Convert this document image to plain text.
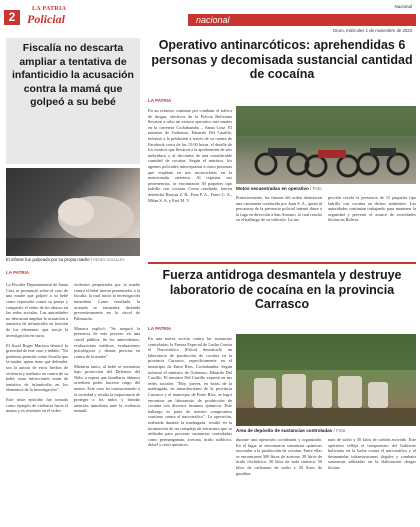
2
LA PATRIA
Policial	nacional
Nacional
Oruro, miércoles 1 de noviembre de 2023
Fiscalía no descarta ampliar a tentativa de infanticidio la acusación contra la mamá que golpeó a su bebé
El infante fue golpeado por su propia madre / REDES SOCIALES
LA PATRIA

La Fiscalía Departamental de Santa Cruz se pronunció sobre el caso de una madre que golpeó a su bebé como represalia contra su pareja y compartió el video de los abusos en las redes sociales. Las autoridades no descartan ampliar la acusación a tentativa de infanticidio en función de los elementos que arroje la investigación en curso.

El fiscal Roger Mariaca destacó la gravedad de este caso y señaló: "No podemos permitir como fiscalía que la madre, quien tiene que defender, sea la autora de estos hechos de violencia y maltrato en contra de su bebé; estas infracciones serán de tentativa de infanticidio en los elementos de la investigación".

Este triste episodio fue tomado como ejemplo de violencia hacia el menor y es revelado en el video.

violentos perpetrados por la madre contra el bebé fueron presentados a la fiscalía, la cual inició la investigación inmediata. Como resultado, la acusada se encuentra detenida preventivamente en la cárcel de Palmasola.

Mariaca explicó: "Se aseguró la presencia de este proceso en una cárcel pública. Se los antecedentes, evaluaciones médicas, evaluaciones psicológicas y demás pericias en contra de la madre".

Mientras tanto, al bebé se encuentra bajo protección del Defensor del Niño, a espera que familiares idóneos acrediten poder hacerse cargo del menor. Este caso ha conmocionado a la sociedad y resalta la importancia de proteger a los niños y brindar atención inmediata ante la violencia infantil.

Operativo antinarcóticos: aprehendidas 6 personas y decomisada sustancial cantidad de cocaína
LA PATRIA
En un esfuerzo continuo por combatir el tráfico de drogas, efectivos de la Policía Boliviana llevaron a cabo un exitoso operativo este martes en la carretera Cochabamba – Santa Cruz. El ministro de Gobierno, Eduardo Del Castillo, informó a la población a través de su cuenta de Facebook cerca de las 15:00 horas, el detalle de los eventos que llevaron a la aprehensión de seis individuos y al decomiso de una considerable cantidad de cocaína. Según el ministro, los agentes policiales interceptaron a cinco personas que viajaban en tres motocicletas en la mencionada carretera. Al registrar sus pertenencias, se encontraron 30 paquetes tipo ladrillo con cocaína. Como resultado, fueron detenidos Brayan Z. B., Fran P. A., Faroo C. A., Milan S. A. y Erel M. V.
Motos secuestradas en operativo / Foto
Posteriormente, las fuerzas del orden detuvieron una camioneta conducida por Juan S. A., quien al percatarse de la presencia policial intentó darse a la fuga en dirección a San Antonio, lo cual resultó en el hallazgo de su vehículo. La ins-
pección reveló la presencia de 15 paquetes tipo ladrillo con cocaína en dichos ambientes. Las autoridades continúan trabajando para mantener la seguridad y prevenir el avance de actividades ilícitas en Bolivia.
Fuerza antidroga desmantela y destruye laboratorio de cocaína en la provincia Carrasco
LA PATRIA
En una nueva acción contra las sustancias controladas, la Fuerza Especial de Lucha Contra el Narcotráfico (Felcn) desarticuló un laboratorio de producción de cocaína en la provincia Carrasco, específicamente en el municipio de Entre Ríos, Cochabamba. Según informó el ministro de Gobierno, Eduardo Del Castillo. El ministro Del Castillo expresó en sus redes sociales: "Hoy, jueves, en horas de la madrugada, en inmediaciones de la provincia Carrasco y el municipio de Entre Ríos, se logró encontrar un laboratorio de producción de cocaína con diversos insumos químicos. Este hallazgo es parte de nuestro compromiso continuo contra el narcotráfico". La operación, realizada durante la madrugada, resultó en la incautación de un compleja de estructura que se utilizaba para procesar sustancias controladas como permanganato, acetona, ácido sulfúrico, diésel y otros químicos.
Área de depósito de sustancias controladas / Foto
durante una operación coordinada y organizada. En el lugar se encontraron sustancias químicas asociadas a la producción de cocaína. Entre ellas se encontraron 300 litros de acetona, 30 litros de ácido clorhídrico, 30 kilos de soda cáustica, 50 kilos de carbonato de sodio y 50 litros de gasolina.
nato de sodio y 50 kilos de carbón activado. Este operativo refleja el compromiso del Gobierno boliviano en la lucha contra el narcotráfico y el desmantelar infraestructuras ilegales y combatir sustancias utilizadas en la elaboración drogas ilícitas.
